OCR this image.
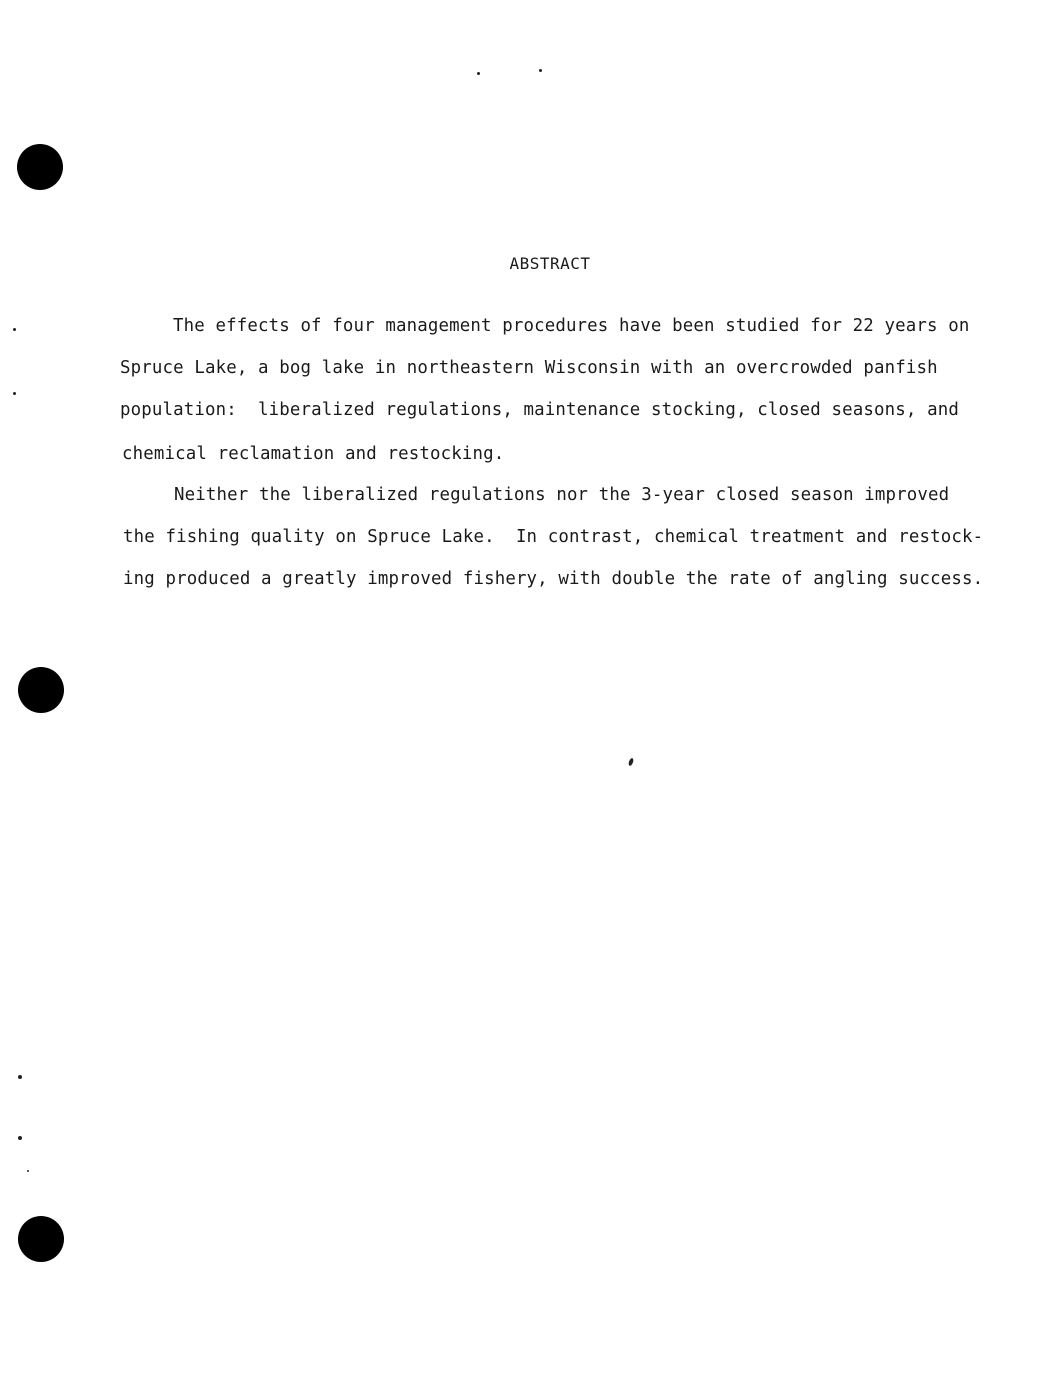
ABSTRACT

The effects of four management procedures have been studied for 22 years on

Spruce Lake, a bog lake in northeastern Wisconsin with an overcrowded panfish

population:  liberalized regulations, maintenance stocking, closed seasons, and

chemical reclamation and restocking.

Neither the liberalized regulations nor the 3-year closed season improved

the fishing quality on Spruce Lake.  In contrast, chemical treatment and restock-

ing produced a greatly improved fishery, with double the rate of angling success.
